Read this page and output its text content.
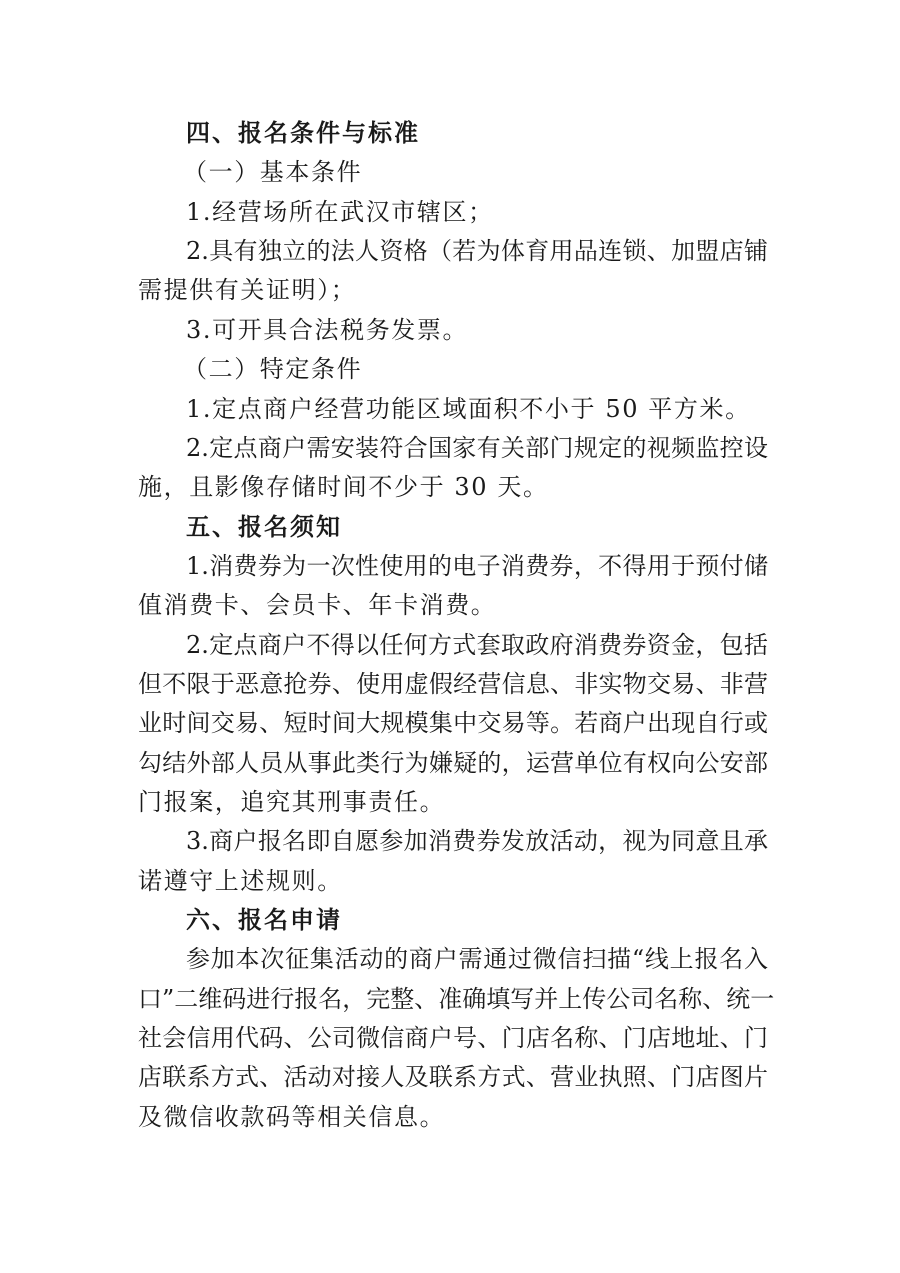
四、报名条件与标准
（一）基本条件
1.经营场所在武汉市辖区；
2.具有独立的法人资格（若为体育用品连锁、加盟店铺
需提供有关证明）；
3.可开具合法税务发票。
（二）特定条件
1.定点商户经营功能区域面积不小于 50 平方米。
2.定点商户需安装符合国家有关部门规定的视频监控设
施，且影像存储时间不少于 30 天。
五、报名须知
1.消费券为一次性使用的电子消费券，不得用于预付储
值消费卡、会员卡、年卡消费。
2.定点商户不得以任何方式套取政府消费券资金，包括
但不限于恶意抢券、使用虚假经营信息、非实物交易、非营
业时间交易、短时间大规模集中交易等。若商户出现自行或
勾结外部人员从事此类行为嫌疑的，运营单位有权向公安部
门报案，追究其刑事责任。
3.商户报名即自愿参加消费券发放活动，视为同意且承
诺遵守上述规则。
六、报名申请
参加本次征集活动的商户需通过微信扫描“线上报名入
口”二维码进行报名，完整、准确填写并上传公司名称、统一
社会信用代码、公司微信商户号、门店名称、门店地址、门
店联系方式、活动对接人及联系方式、营业执照、门店图片
及微信收款码等相关信息。
